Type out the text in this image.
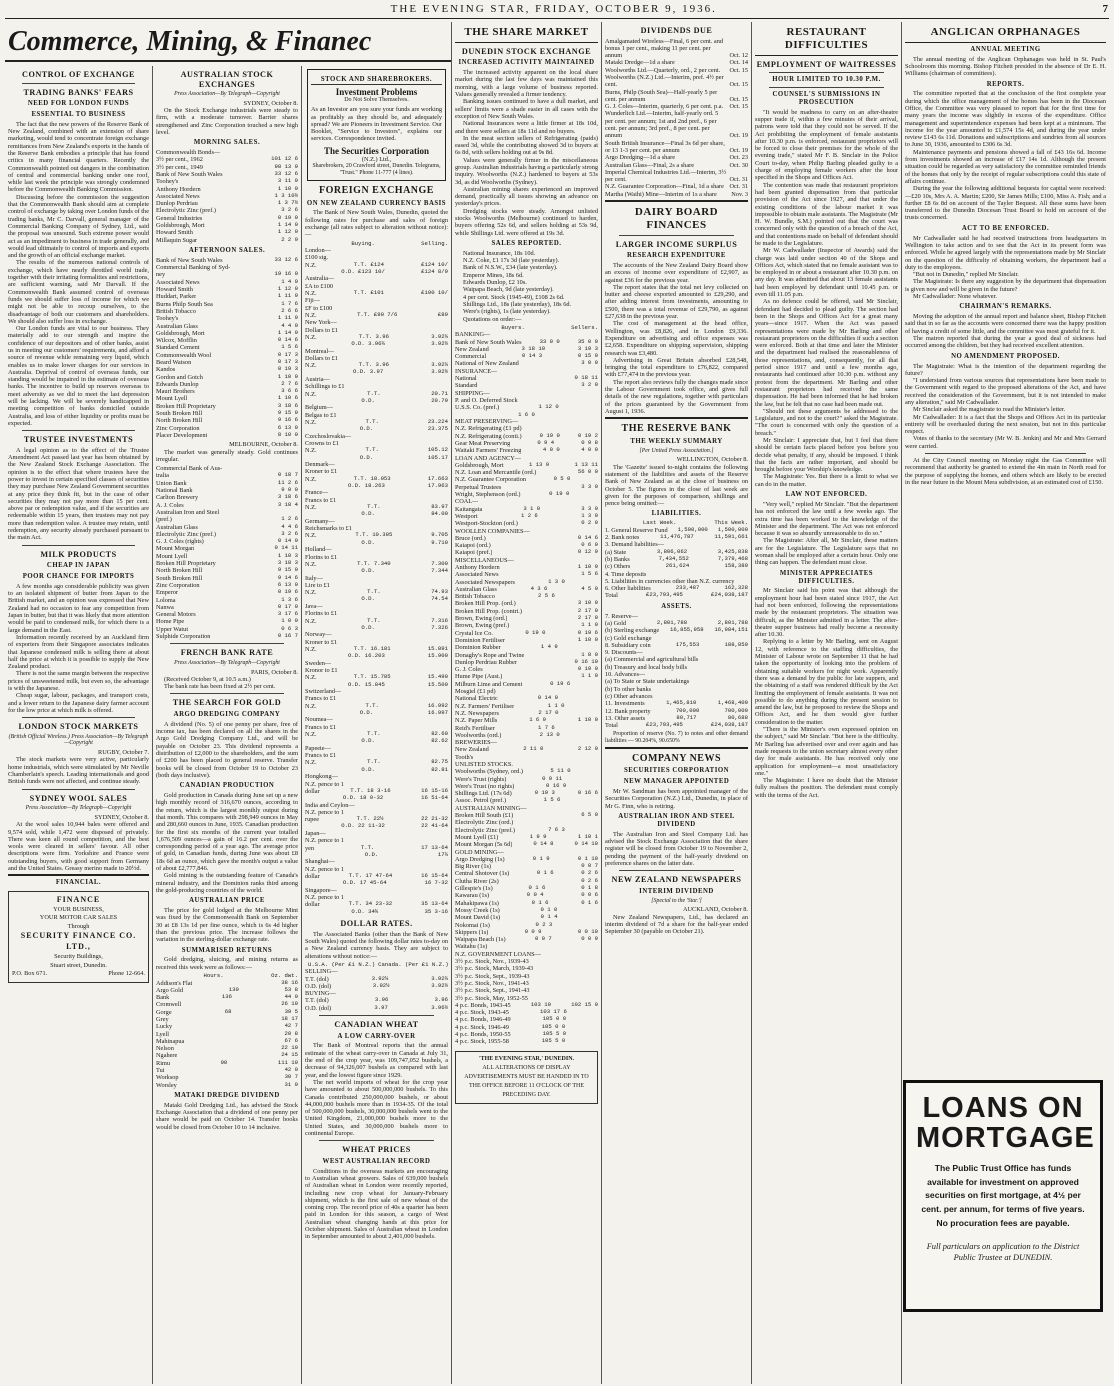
THE EVENING STAR, FRIDAY, OCTOBER 9, 1936.	7
Commerce, Mining, & Finanec
CONTROL OF EXCHANGE
TRADING BANKS' FEARS
NEED FOR LONDON FUNDS
ESSENTIAL TO BUSINESS

The fact that the new powers of the Reserve Bank of New Zealand, combined with an extension of share marketing, would tend to concentrate foreign exchange remittances from New Zealand's exports in the hands of the Reserve Bank embodies a principle that has found critics in many financial quarters. Recently the Commonwealth pointed out dangers in the combination of central and commercial banking under one roof, while last week the principle was strongly condemned before the Commonwealth Banking Commission.

Discussing before the commission the suggestion that the Commonwealth Bank should aim at complete control of exchange by taking over London funds of the trading banks, Mr C. Darvall, general manager of the Commercial Banking Company of Sydney, Ltd., said the proposal was unsound. Such extreme power would act as an impediment to business in trade generally, and would lead ultimately to control of imports and exports and the growth of an official exchange market.

The results of the numerous national controls of exchange, which have nearly throttled world trade, together with their irritating formalities and restrictions, are sufficient warning, said Mr Darvall. If the Commonwealth Bank assumed control of overseas funds we should suffer loss of income for which we might not be able to recoup ourselves, to the disadvantage of both our customers and shareholders. We should also suffer loss in exchange.

Our London funds are vital to our business. They materially add to our strength and inspire the confidence of our depositors and of other banks, assist us in meeting our customers' requirements, and afford a source of revenue while remaining very liquid, which enables us to make lower charges for our services in Australia. Deprival of control of overseas funds, our standing would be impaired in the estimate of overseas banks. The incentive to build up reserves overseas to meet adversity as we did to meet the last depression will be lacking. We will be severely handicapped in meeting competition of banks domiciled outside Australia, and loss of either liquidity or profits must be expected.

TRUSTEE INVESTMENTS

A legal opinion as to the effect of the Trustee Amendment Act passed last year has been obtained by the New Zealand Stock Exchange Association. The opinion is to the effect that where trustees have the power to invest in certain specified classes of securities they may purchase New Zealand Government securities at any price they think fit, but in the case of other securities they may not pay more than 15 per cent. above par or redemption value, and if the securities are redeemable within 15 years, then trustees may not pay more than redemption value. A trustee may retain, until redemption, any security already purchased pursuant to the main Act.

MILK PRODUCTS
CHEAP IN JAPAN
POOR CHANCE FOR IMPORTS

A few months ago considerable publicity was given to an isolated shipment of butter from Japan to the British market, and an opinion was expressed that New Zealand had no occasion to fear any competition from Japan in butter, but that it was likely that more attention would be paid to condensed milk, for which there is a large demand in the East.

Information recently received by an Auckland firm of exporters from their Singapore associates indicates that Japanese condensed milk is selling there at about half the price at which it is possible to supply the New Zealand product.

There is not the same margin between the respective prices of unsweetened milk, but even so, the advantage is with the Japanese.

Cheap sugar, labour, packages, and transport costs, and a lower return to the Japanese dairy farmer account for the low price at which milk is offered.

LONDON STOCK MARKETS
(British Official Wireless.) Press Association—By Telegraph—Copyright

RUGBY, October 7.

The stock markets were very active, particularly home industrials, which were stimulated by Mr Neville Chamberlain's speech. Leading internationals and good British funds were not affected, and continue steady.

SYDNEY WOOL SALES
Press Association—By Telegraph—Copyright

SYDNEY, October 8.

At the wool sales 10,944 bales were offered and 9,574 sold, while 1,472 were disposed of privately. There was keen all round competition, and the best wools were cleared in sellers' favour. All other descriptions were firm. Yorkshire and France were outstanding buyers, with good support from Germany and the United States. Greasy merino made to 20½d.

FINANCIAL.
FINANCE
YOUR BUSINESS,
YOUR MOTOR CAR SALES
Through
SECURITY FINANCE CO. LTD.,
Security Buildings,
Stuart street, Dunedin.
P.O. Box 671.	Phone 12-664.
AUSTRALIAN STOCK EXCHANGES
Press Association—By Telegraph—Copyright

SYDNEY, October 8.

On the Stock Exchange industrials were steady to firm, with a moderate turnover. Barrier shares strengthened and Zinc Corporation touched a new high level.

MORNING SALES.
Commonwealth Bonds—
3½ per cent., 1962	101 12 6
3½ per cent., 1949	98 13 9
Bank of New South Wales	33 12 6
Toohey's	3 11 9
Anthony Hordern	1 10 0
Associated News	1 3 10½
Dunlop Perdriau	1 3 7½
Electrolytic Zinc (pref.)	3 2 6
General Industries	0 19 0
Goldsbrough, Mort	1 14 0
Howard Smith	1 12 0
Millaquin Sugar	2 2 9
AFTERNOON SALES.
Bank of New South Wales	33 12 6
Commercial Banking of Syd-
ney	19 16 0
Associated News	1 4 0
Howard Smith	1 12 0
Huddart, Parker	1 11 9
Burns Philp South Sea	1 7 6
British Tobacco	2 6 6
Toohey's	1 11 9
Australian Glass	4 4 0
Goldsbrough, Mort	1 14 0
Wilcox, Mofflin	0 14 6
Standard Cement	1 5 6
Commonwealth Wool	0 17 3
Beard Watson	0 17 3
Kandos	0 19 3
Gordon and Gotch	1 10 0
Edwards Dunlop	2 7 6
Mauri Brothers	3 6 6
Mount Lyell	1 10 6
Broken Hill Proprietary	3 18 6
South Broken Hill	9 15 0
North Broken Hill	9 16 6
Zinc Corporation	6 13 0
Placer Development	8 10 0

MELBOURNE, October 8.

The market was generally steady. Gold continues irregular.

Commercial Bank of Aus-
tralia	0 18 7
Union Bank	11 2 6
National Bank	9 0 0
Carlton Brewery	3 18 6
A. J. Coles	3 18 4
Australian Iron and Steel
(pref.)	1 2 6
Australian Glass	4 4 6
Electrolytic Zinc (pref.)	3 2 6
G. J. Coles (rights)	0 14 0
Mount Morgan	0 14 11
Mount Lyell	1 10 3
Broken Hill Proprietary	3 18 3
North Broken Hill	9 15 0
South Broken Hill	9 14 6
Zinc Corporation	6 13 0
Emperor	0 19 6
Loloma	1 3 6
Nanwa	0 17 0
General Motors	3 17 6
Home Pipe	1 0 0
Upper Watut	0 6 3
Sulphide Corporation	0 16 7
FRENCH BANK RATE
Press Association—By Telegraph—Copyright

PARIS, October 8.

(Received October 9, at 10.5 a.m.)

The bank rate has been fixed at 2½ per cent.

THE SEARCH FOR GOLD
ARGO DREDGING COMPANY

A dividend (No. 5) of one penny per share, free of income tax, has been declared on all the shares in the Argo Gold Dredging Company Ltd., and will be payable on October 23. This dividend represents a distribution of £2,000 to the shareholders, and the sum of £200 has been placed to general reserve. Transfer books will be closed from October 19 to October 23 (both days inclusive).

CANADIAN PRODUCTION

Gold production in Canada during June set up a new high monthly record of 316,670 ounces, according to the return, which is the largest monthly output during that month. This compares with 298,949 ounces in May and 280,660 ounces in June, 1935. Canadian production for the first six months of the current year totalled 1,676,509 ounces—a gain of 16.2 per cent. over the corresponding period of a year ago. The average price of gold, in Canadian funds, during June was about £8 18s 6d an ounce, which gave the month's output a value of about £2,777,846.

Gold mining is the outstanding feature of Canada's mineral industry, and the Dominion ranks third among the gold-producing countries of the world.

AUSTRALIAN PRICE

The price for gold lodged at the Melbourne Mint was fixed by the Commonwealth Bank on September 30 at £8 13s 1d per fine ounce, which is 6s 4d higher than the previous price. The increase follows the variation in the sterling-dollar exchange rate.

SUMMARISED RETURNS

Gold dredging, sluicing, and mining returns as received this week were as follows:—

Hours.	Oz. dwt.
Addison's Flat	38 16
Argo Gold	130	53 8
Bank	136	44 0
Cromwell	26 10
Gorge	68	39 5
Grey	18 17
Lucky	42 7
Lyell	20 8
Mahinapua	67 6
Nelson	22 10
Ngahere	24 15
Rimu	90	111 10
Tui	42 0
Worksop	30 7
Worsley	31 0
MATAKI DREDGE DIVIDEND

Mataki Gold Dredging Ltd., has advised the Stock Exchange Association that a dividend of one penny per share would be paid on October 14. Transfer books would be closed from October 10 to 14 inclusive.

STOCK AND SHAREBROKERS.
Investment Problems
Do Not Solve Themselves.

As an Investor are you sure your funds are working as profitably as they should be, and adequately spread? We are Pioneers in Investment Service. Our Booklet, "Service to Investors", explains our services. Correspondence invited.

The Securities Corporation
(N.Z.) Ltd.,
Sharebrokers, 20 Crawford street, Dunedin. Telegrams, "Trust." Phone 11-777 (4 lines).
FOREIGN EXCHANGE
ON NEW ZEALAND CURRENCY BASIS

The Bank of New South Wales, Dunedin, quoted the following rates for purchase and sales of foreign exchange (all rates subject to alteration without notice):—

Buying.	Selling.
London—
£100 stg.
N.Z.	T.T. £124	£124 10/
O.D. £123 10/	£124 8/9
Australia—
£A to £100
N.Z.	T.T. £101	£100 10/
Fiji—
£F to £100
N.Z.	T.T. £90 7/6	£89
New York—
Dollars to £1
N.Z.	T.T. 3.96	3.92¼
O.D. 3.96¼	3.92½
Montreal—
Dollars to £1
N.Z.	T.T. 3.96	3.92¼
O.D. 3.97	3.92½
Austria—
Schillings to £1
N.Z.	T.T.	20.71
O.D.	20.79
Belgium—
Belgas to £1
N.Z.	T.T.	23.224
O.D.	23.375
Czechoslovakia—
Crowns to £1
N.Z.	T.T.	105.12
O.D.	105.17
Denmark—
Kroner to £1
N.Z.	T.T. 18.053	17.663
O.D. 18.263	17.963
France—
Francs to £1
N.Z.	T.T.	83.97
O.D.	84.00
Germany—
Reichsmarks to £1
N.Z.	T.T. 10.305	9.705
O.D.	9.710
Holland—
Florins to £1
N.Z.	T.T. 7.340	7.300
O.D.	7.344
Italy—
Lire to £1
N.Z.	T.T.	74.93
O.D.	74.54
Java—
Florins to £1
N.Z.	T.T.	7.316
O.D.	7.326
Norway—
Kroner to £1
N.Z.	T.T. 16.181	15.891
O.D. 16.203	15.900
Sweden—
Kronor to £1
N.Z.	T.T. 15.785	15.490
O.D. 15.845	15.500
Switzerland—
Francs to £1
N.Z.	T.T.	16.992
O.D.	16.997
Noumea—
Francs to £1
N.Z.	T.T.	82.60
O.D.	82.62
Papeete—
Francs to £1
N.Z.	T.T.	82.75
O.D.	82.81
Hongkong—
N.Z. pence to 1
dollar	T.T. 18 3-16	16 15-16
O.D. 18 9-32	16 51-64
India and Ceylon—
N.Z. pence to 1
rupee	T.T. 22½	22 21-32
O.D. 22 11-32	22 41-64
Japan—
N.Z. pence to 1
yen	T.T.	17 13-64
O.D.	17¼
Shanghai—
N.Z. pence to 1
dollar	T.T. 17 47-64	16 15-64
O.D. 17 45-64	16 7-32
Singapore—
N.Z. pence to 1
dollar	T.T. 34 23-32	35 13-64
O.D. 34¾	35 3-16
DOLLAR RATES.

The Associated Banks (other than the Bank of New South Wales) quoted the following dollar rates to-day on a New Zealand currency basis. They are subject to alterations without notice:—

U.S.A. (Per £1 N.Z.) Canada. (Per £1 N.Z.)
SELLING—
T.T. (dol)	3.92¼	3.92¼
O.D. (dol)	3.92½	3.92½
BUYING—
T.T. (dol)	3.96	3.96
O.D. (dol)	3.97	3.96½
CANADIAN WHEAT
A LOW CARRY-OVER

The Bank of Montreal reports that the annual estimate of the wheat carry-over in Canada at July 31, the end of the crop year, was 109,747,052 bushels, a decrease of 94,326,007 bushels as compared with last year, and the lowest figure since 1929.

The net world imports of wheat for the crop year have amounted to about 500,000,000 bushels. To this Canada contributed 250,000,000 bushels, or about 44,000,000 bushels more than in 1934-35. Of the total of 500,000,000 bushels, 30,000,000 bushels went to the United Kingdom, 21,000,000 bushels more to the United States, and 30,000,000 bushels more to continental Europe.

WHEAT PRICES
WEST AUSTRALIAN RECORD

Conditions in the overseas markets are encouraging to Australian wheat growers. Sales of 639,000 bushels of Australian wheat in London were recently reported, including new crop wheat for January-February shipment, which is the first sale of new wheat of the coming crop. The record price of 40s a quarter has been paid in London for this season, a cargo of West Australian wheat changing hands at this price for October shipment. Sales of Australian wheat in London in September amounted to about 2,401,000 bushels.

THE SHARE MARKET
DUNEDIN STOCK EXCHANGE
INCREASED ACTIVITY MAINTAINED

The increased activity apparent on the local share market during the last few days was maintained this morning, with a large volume of business reported. Values generally revealed a firmer tendency.

Banking issues continued to have a dull market, and sellers' limits were a shade easier in all cases with the exception of New South Wales.

National Insurances were a little firmer at 18s 10d, and there were sellers at 18s 11d and no buyers.

In the meat section sellers of Refrigerating (paids) eased 3d, while the contributing showed 3d to buyers at 6s 8d, with sellers holding out at 9s 8d.

Values were generally firmer in the miscellaneous group. Australian industrials having a particularly strong inquiry. Woolworths (N.Z.) hardened to buyers at 53s 3d, as did Woolworths (Sydney).

Australian mining shares experienced an improved demand, practically all issues showing an advance on yesterday's prices.

Dredging stocks were steady. Amongst unlisted stocks Woolworths (Melbourne) continued to harden, buyers offering 52s 6d, and sellers holding at 53s 9d, while Shillings Ltd. were offered at 19s 3d.

SALES REPORTED.

National Insurance, 18s 10d.

N.Z. Coke, £1 17s 3d (late yesterday).

Bank of N.S.W., £34 (late yesterday).

Emperor Mines, 18s 6d.

Edwards Dunlop, £2 10s.

Waipapa Beach, 9d (late yesterday).

4 per cent. Stock (1945-49), £108 2s 6d.

Shillings Ltd., 18s (late yesterday), 18s 6d.

Were's (rights), 1s (late yesterday).

Quotations on order:—

Buyers.	Sellers.
BANKING—
Bank of New South Wales	33 0 0	35 0 0
New Zealand	3 18 10	3 19 3
Commercial	0 14 3	0 15 0
National of New Zealand	3 0 0
INSURANCE—
National	0 18 11
Standard	3 2 0
SHIPPING—
P. and O. Deferred Stock
U.S.S. Co. (pref.)	1 12 0
1 6 0
MEAT PRESERVING—
N.Z. Refrigerating (£1 pd)
N.Z. Refrigerating (conti.)	0 19 0	0 19 2
Gear Meat Preserving	0 9 4	0 9 8
Waitaki Farmers' Freezing	4 0 0	4 0 0
LOAN AND AGENCY—
Goldsbrough, Mort	1 13 9	1 13 11
N.Z. Loan and Mercantile (ord.)	56 0 0
N.Z. Guarantee Corporation	0 5 0
Perpetual Trustees	3 3 0
Wright, Stephenson (ord.)	0 19 0
COAL—
Kaitangata	3 1 0	3 3 0
Westport	1 2 6	1 3 0
Westport-Stockton (ord.)	0 2 0
WOOLLEN COMPANIES—
Bruce (ord.)	0 14 6
Kaiapoi (ord.)	0 6 9
Kaiapoi (pref.)	0 12 9
MISCELLANEOUS—
Anthony Hordern	1 10 9
Associated News	1 5 6
Associated Newspapers	1 3 0
Australian Glass	4 3 6	4 5 0
British Tobacco	2 5 6
Broken Hill Prop. (ord.)	3 10 0
Broken Hill Prop. (contri.)	2 17 0
Brown, Ewing (ord.)	2 17 0
Brown, Ewing (pref.)	1 1 0
Crystal Ice Co.	0 19 0	0 19 6
Dominion Fertiliser	1 10 0
Dominion Rubber	1 4 9
Donaghy's Rope and Twine	1 8 0
Dunlop Perdriau Rubber	0 16 10
G. J. Coles	0 19 0
Hume Pipe (Aust.)	1 1 0
Milburn Lime and Cement	0 19 6
Mosgiel (£1 pd)
National Electric	0 14 0
N.Z. Farmers' Fertiliser	1 1 0
N.Z. Newspapers	2 17 0
N.Z. Paper Mills	1 6 9	1 10 0
Reid's Fertiliser	1 7 6
Woolworths (ord.)	2 13 0
BREWERIES—
New Zealand	2 11 0	2 12 0
Tooth's
UNLISTED STOCKS.
Woolworths (Sydney, ord.)	5 11 0
Were's Trust (rights)	0 0 11
Were's Trust (no rights)	0 16 9
Shillings Ltd. (17s 6d)	0 19 3	0 16 6
Assoc. Petrol (pref.)	1 5 6
AUSTRALIAN MINING—
Broken Hill South (£1)	6 5 0
Electrolytic Zinc (ord.)
Electrolytic Zinc (pref.)	7 6 3
Mount Lyell (£1)	1 9 9	1 10 1
Mount Morgan (5s 6d)	0 14 8	0 14 10
GOLD MINING—
Argo Dredging (1s)	0 1 9	0 1 10
Big River (1s)	0 0 7
Central Shotover (1s)	0 1 6	0 2 6
Clutha River (2s)	0 2 6
Gillespie's (1s)	0 1 6	0 1 8
Kawarau (1s)	0 0 4	0 0 6
Mahakipawa (1s)	0 1 6	0 1 6
Mossy Creek (1s)	0 1 0
Mount David (1s)	0 1 4
Nokomai (1s)	0 2 3
Skippers (1s)	0 0 9	0 0 10
Waipapa Beach (1s)	0 0 7	0 0 9
Waitahu (1s)
N.Z. GOVERNMENT LOANS—
3½ p.c. Stock, Nov., 1939-43
3½ p.c. Stock, March, 1939-43
3½ p.c. Stock, Sept., 1939-43
3½ p.c. Stock, Nov., 1941-43
3½ p.c. Stock, Sept., 1941-43
3½ p.c. Stock, May, 1952-55
4 p.c. Bonds, 1943-45	103 10	102 15 0
4 p.c. Stock, 1943-45	103 17 6
4 p.c. Bonds, 1946-49	105 0 0
4 p.c. Stock, 1946-49	105 0 0
4 p.c. Bonds, 1950-55	105 5 0
4 p.c. Stock, 1955-58	105 5 0
'THE EVENING STAR,' DUNEDIN.
ALL ALTERATIONS OF DISPLAY ADVERTISEMENTS MUST BE HANDED IN TO THE OFFICE BEFORE 11 O'CLOCK OF THE PRECEDING DAY.
DIVIDENDS DUE
Amalgamated Wireless—Final, 6 per cent. and bonus 1 per cent., making 11 per cent. per annum	Oct. 12
Mataki Dredge—1d a share	Oct. 14
Woolworths Ltd.—Quarterly, ord., 2 per cent.	Oct. 15
Woolworths (N.Z.) Ltd.—Interim, pref. 4½ per cent.	Oct. 15
Burns, Philp (South Sea)—Half-yearly 5 per cent. per annum	Oct. 15
G. J. Coles—Interim, quarterly, 6 per cent. p.a. Oct. 15
Wunderlich Ltd.—Interim, half-yearly ord. 5 per cent. per annum; 1st and 2nd pref., 6 per cent. per annum; 3rd pref., 8 per cent. per annum	Oct. 19
South British Insurance—Final 3s 6d per share, or 13 1-3 per cent. per annum	Oct. 19
Argo Dredging—1d a share	Oct. 23
Australian Glass—Final, 2s a share	Oct. 30
Imperial Chemical Industries Ltd.—Interim, 3½ per cent.	Oct. 31
N.Z. Guarantee Corporation—Final, 1d a share Oct. 31
Martha (Waihi) Mine—Interim of 1s a share	Nov. 3
DAIRY BOARD FINANCES
LARGER INCOME SURPLUS
RESEARCH EXPENDITURE

The accounts of the New Zealand Dairy Board show an excess of income over expenditure of £2,907, as against £36 for the previous year.

The report states that the total net levy collected on butter and cheese exported amounted to £29,290, and after adding interest from investments, amounting to £500, there was a total revenue of £29,790, as against £27,638 in the previous year.

The cost of management at the head office, Wellington, was £8,826, and in London £9,336. Expenditure on advertising and office expenses was £2,658. Expenditure on shipping supervision, shipping research was £3,480.

Advertising in Great Britain absorbed £28,548, bringing the total expenditure to £76,822, compared with £77,474 in the previous year.

The report also reviews fully the changes made since the Labour Government took office, and gives full details of the new regulations, together with particulars of the prices guaranteed by the Government from August 1, 1936.

THE RESERVE BANK
THE WEEKLY SUMMARY
[Per United Press Association.]

WELLINGTON, October 8.

The 'Gazette' issued to-night contains the following statement of the liabilities and assets of the Reserve Bank of New Zealand as at the close of business on October 5. The figures in the close of last week are given for the purposes of comparison, shillings and pence being omitted:—

LIABILITIES.
Last Week.	This Week.
1. General Reserve Fund 1,500,000 1,500,000
2. Bank notes	11,476,787	11,591,661
3. Demand liabilities—
(a) State	3,806,062	3,425,838
(b) Banks	7,434,552	7,379,468
(c) Others	261,624	158,389
4. Time deposits
5. Liabilities in currencies other than N.Z. currency
6. Other liabilities	233,487	162,328
Total	£23,793,495	£24,038,187
ASSETS.
7. Reserve—
(a) Gold	2,801,788	2,801,788
(b) Sterling exchange 16,855,958 16,984,151
(c) Gold exchange
8. Subsidiary coin	175,553	188,850
9. Discounts—
(a) Commercial and agricultural bills
(b) Treasury and local body bills
10. Advances—
(a) To State or State undertakings
(b) To other banks
(c) Other advances
11. Investments	1,465,810	1,468,400
12. Bank property	700,000	700,000
13. Other assets	80,717	80,688
Total	£23,793,495	£24,038,187

Proportion of reserve (No. 7) to notes and other demand liabilities — 90.204%, 90.650%

COMPANY NEWS
SECURITIES CORPORATION
NEW MANAGER APPOINTED

Mr W. Sandman has been appointed manager of the Securities Corporation (N.Z.) Ltd., Dunedin, in place of Mr G. Finn, who is retiring.

AUSTRALIAN IRON AND STEEL DIVIDEND

The Australian Iron and Steel Company Ltd. has advised the Stock Exchange Association that the share register will be closed from October 19 to November 2, pending the payment of the half-yearly dividend on preference shares on the latter date.

NEW ZEALAND NEWSPAPERS
INTERIM DIVIDEND
[Special to the 'Star.']

AUCKLAND, October 8.

New Zealand Newspapers, Ltd., has declared an interim dividend of 7d a share for the half-year ended September 30 (payable on October 21).

RESTAURANT DIFFICULTIES
EMPLOYMENT OF WAITRESSES
HOUR LIMITED TO 10.30 P.M.
COUNSEL'S SUBMISSIONS IN PROSECUTION

"It would be madness to carry on an after-theatre supper trade if, within a few minutes of their arrival, patrons were told that they could not be served. If the Act prohibiting the employment of female assistants after 10.30 p.m. is enforced, restaurant proprietors will be forced to close their premises for the whole of the evening trade," stated Mr F. B. Sinclair in the Police Court to-day, when Philip Barling pleaded guilty to a charge of employing female workers after the hour specified in the Shops and Offices Act.

The contention was made that restaurant proprietors had been granted dispensation from that particular provision of the Act since 1927, and that under the existing conditions of the labour market it was impossible to obtain male assistants. The Magistrate (Mr H. W. Bundle, S.M.) pointed out that the court was concerned only with the question of a breach of the Act, and that contentions made on behalf of defendant should be made to the Legislature.

Mr W. Cadwallader (Inspector of Awards) said the charge was laid under section 40 of the Shops and Offices Act, which stated that no female assistant was to be employed in or about a restaurant after 10.30 p.m. on any day. It was admitted that about 13 female assistants had been employed by defendant until 10.45 p.m. or even till 11.05 p.m.

As no defence could be offered, said Mr Sinclair, defendant had decided to plead guilty. The section had been in the Shops and Offices Act for a great many years—since 1917. When the Act was passed representations were made by Mr Barling and other restaurant proprietors on the difficulties if such a section were enforced. Both at that time and later the Minister and the department had realised the reasonableness of those representations, and, consequently, for all that period since 1917 and until a few months ago, restaurants had continued after 10.30 p.m. without any protest from the department. Mr Barling and other restaurant proprietors had received the same dispensation. He had been informed that he had broken the law, but he felt that no case had been made out.

"Should not these arguments be addressed to the Legislature, and not to the court?" asked the Magistrate. "The court is concerned with only the question of a breach."

Mr Sinclair: I appreciate that, but I feel that there should be certain facts placed before you before you decide what penalty, if any, should be imposed. I think that the facts are rather important, and should be brought before your Worship's knowledge.

The Magistrate: Yes. But there is a limit to what we can do in the matter.

LAW NOT ENFORCED.

"Very well," replied Mr Sinclair. "But the department has not enforced the law until a few weeks ago. The extra time has been worked to the knowledge of the Minister and the department. The Act was not enforced because it was so absurdly unreasonable to do so."

The Magistrate: After all, Mr Sinclair, these matters are for the Legislature. The Legislature says that no woman shall be employed after a certain hour. Only one thing can happen. The defendant must close.

MINISTER APPRECIATES DIFFICULTIES.

Mr Sinclair said his point was that although the employment hour had been stated since 1917, the Act had not been enforced, following the representations made by the restaurant proprietors. The situation was difficult, as the Minister admitted in a letter. The after-theatre supper business had really become a necessity after 10.30.

Replying to a letter by Mr Barling, sent on August 12, with reference to the staffing difficulties, the Minister of Labour wrote on September 11 that he had taken the opportunity of looking into the problem of obtaining suitable workers for night work. Apparently there was a demand by the public for late suppers, and the obtaining of a staff was rendered difficult by the Act limiting the employment of female assistants. It was not possible to do anything during the present session to amend the law, but he proposed to review the Shops and Offices Act, and he then would give further consideration to the matter.

"There is the Minister's own expressed opinion on the subject," said Mr Sinclair. "But here is the difficulty. Mr Barling has advertised over and over again and has made requests to the union secretary almost every other day for male assistants. He has received only one application for employment—a most unsatisfactory one."

The Magistrate: I have no doubt that the Minister fully realises the position. The defendant must comply with the terms of the Act.

ANGLICAN ORPHANAGES
ANNUAL MEETING

The annual meeting of the Anglican Orphanages was held in St. Paul's Schoolroom this morning. Bishop Fitchett presided in the absence of Dr E. H. Williams (chairman of committees).

REPORTS.

The committee reported that at the conclusion of the first complete year during which the office management of the homes has been in the Diocesan Office, the Committee was very pleased to report that for the first time for many years the income was slightly in excess of the expenditure. Office management and superintendence expenses had been kept at a minimum. The income for the year amounted to £1,574 15s 4d, and during the year under review £143 6s 11d. Donations and subscriptions and sundries from all sources to June 30, 1936, amounted to £306 6s 3d.

Maintenance payments and pensions showed a fall of £43 16s 6d. Income from investments showed an increase of £17 14s 1d. Although the present situation could be regarded as very satisfactory the committee reminded friends of the homes that only by the receipt of regular subscriptions could this state of affairs continue.

During the year the following additional bequests for capital were received:—£20 10s, Mrs A. A. Martin; £200, Sir James Mills; £100, Miss A. Fish; and a further £8 6s 8d on account of the Tayler Bequest. All these sums have been transferred to the Dunedin Diocesan Trust Board to hold on account of the trusts concerned.

ACT TO BE ENFORCED.

Mr Cadwallader said he had received instructions from headquarters in Wellington to take action and to see that the Act in its present form was enforced. While he agreed largely with the representations made by Mr Sinclair on the question of the difficulty of obtaining workers, the department had a duty to the employees.

"But not in Dunedin," replied Mr Sinclair.

The Magistrate: Is there any suggestion by the department that dispensation is given now and will be given in the future?

Mr Cadwallader: None whatever.

CHAIRMAN'S REMARKS.

Moving the adoption of the annual report and balance sheet, Bishop Fitchett said that in so far as the accounts were concerned there was the happy position of having a credit of some little, and the committee was most grateful for it.

The matron reported that during the year a good deal of sickness had occurred among the children, but they had received excellent attention.

NO AMENDMENT PROPOSED.

The Magistrate: What is the intention of the department regarding the future?

"I understand from various sources that representations have been made to the Government with regard to the proposed alterations of the Act, and have received the consideration of the Government, but it is not intended to make any alteration," said Mr Cadwallader.

Mr Sinclair asked the magistrate to read the Minister's letter.

Mr Cadwallader: It is a fact that the Shops and Offices Act in its particular entirety will be overhauled during the next session, but not in this particular respect.

Votes of thanks to the secretary (Mr W. B. Jenkin) and Mr and Mrs Gerrard were carried.

At the City Council meeting on Monday night the Gas Committee will recommend that authority be granted to extend the 4in main in North road for the purpose of supplying the homes, and others which are likely to be erected in the near future in the Mount Mera subdivision, at an estimated cost of £150.

LOANS ON
MORTGAGE
The Public Trust Office has funds available for investment on approved securities on first mortgage, at 4½ per cent. per annum, for terms of five years. No procuration fees are payable.
Full particulars on application to the District Public Trustee at DUNEDIN.
